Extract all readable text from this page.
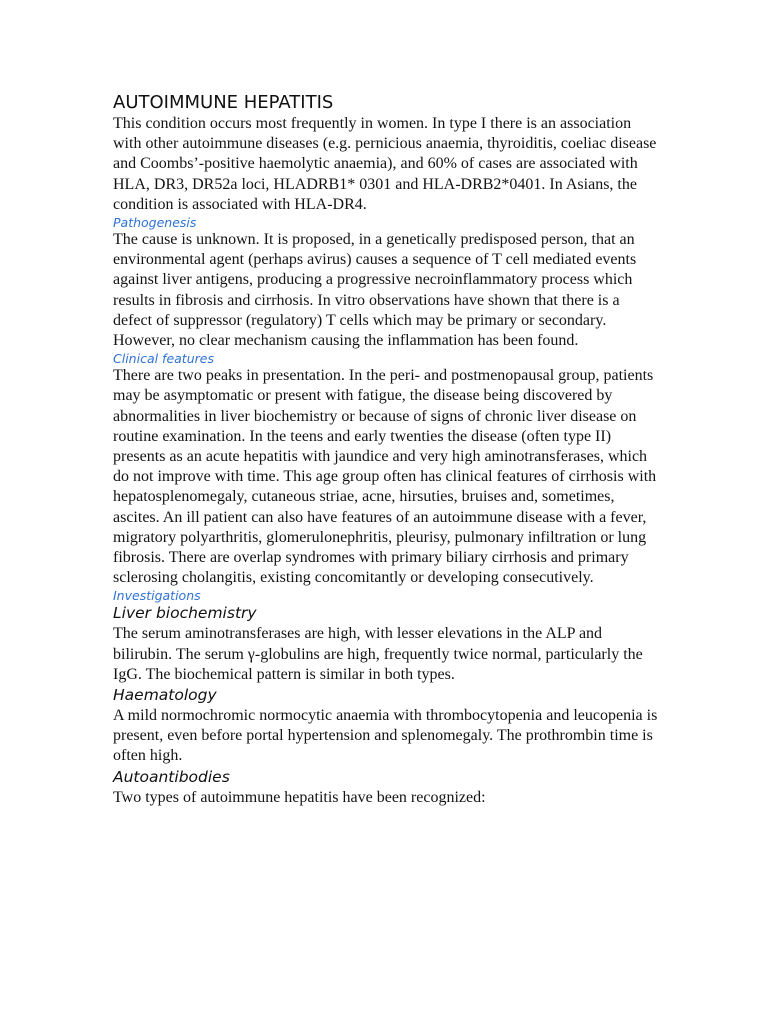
AUTOIMMUNE HEPATITIS

This condition occurs most frequently in women. In type I there is an association with other autoimmune diseases (e.g. pernicious anaemia, thyroiditis, coeliac disease and Coombs’-positive haemolytic anaemia), and 60% of cases are associated with HLA, DR3, DR52a loci, HLADRB1* 0301 and HLA-DRB2*0401. In Asians, the condition is associated with HLA-DR4.

Pathogenesis

The cause is unknown. It is proposed, in a genetically predisposed person, that an environmental agent (perhaps avirus) causes a sequence of T cell mediated events against liver antigens, producing a progressive necroinflammatory process which results in fibrosis and cirrhosis. In vitro observations have shown that there is a defect of suppressor (regulatory) T cells which may be primary or secondary. However, no clear mechanism causing the inflammation has been found.

Clinical features

There are two peaks in presentation. In the peri- and postmenopausal group, patients may be asymptomatic or present with fatigue, the disease being discovered by abnormalities in liver biochemistry or because of signs of chronic liver disease on routine examination. In the teens and early twenties the disease (often type II) presents as an acute hepatitis with jaundice and very high aminotransferases, which do not improve with time. This age group often has clinical features of cirrhosis with hepatosplenomegaly, cutaneous striae, acne, hirsuties, bruises and, sometimes, ascites. An ill patient can also have features of an autoimmune disease with a fever, migratory polyarthritis, glomerulonephritis, pleurisy, pulmonary infiltration or lung fibrosis. There are overlap syndromes with primary biliary cirrhosis and primary sclerosing cholangitis, existing concomitantly or developing consecutively.

Investigations
Liver biochemistry

The serum aminotransferases are high, with lesser elevations in the ALP and bilirubin. The serum γ-globulins are high, frequently twice normal, particularly the IgG. The biochemical pattern is similar in both types.

Haematology

A mild normochromic normocytic anaemia with thrombocytopenia and leucopenia is present, even before portal hypertension and splenomegaly. The prothrombin time is often high.

Autoantibodies

Two types of autoimmune hepatitis have been recognized:
